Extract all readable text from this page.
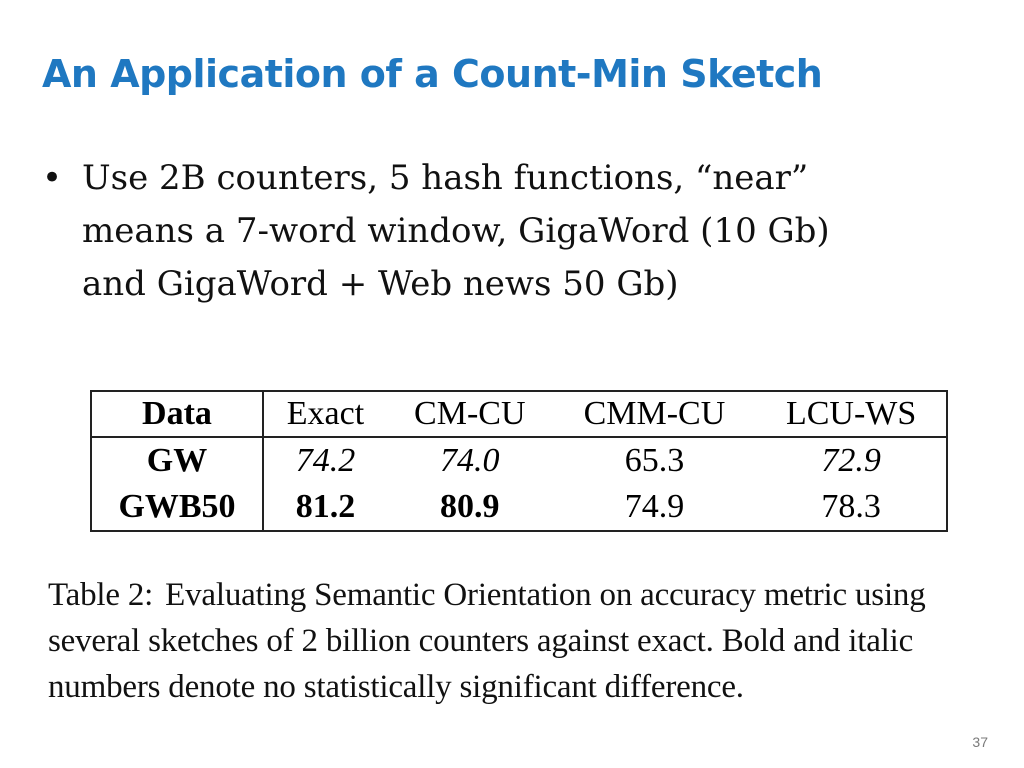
An Application of a Count-Min Sketch
• Use 2B counters, 5 hash functions, “near” means a 7-word window, GigaWord (10 Gb) and GigaWord + Web news 50 Gb)
Data	Exact	CM-CU	CMM-CU	LCU-WS
GW	74.2	74.0	65.3	72.9
GWB50	81.2	80.9	74.9	78.3

Table 2: Evaluating Semantic Orientation on accuracy metric using several sketches of 2 billion counters against exact. Bold and italic numbers denote no statistically significant difference.

37
